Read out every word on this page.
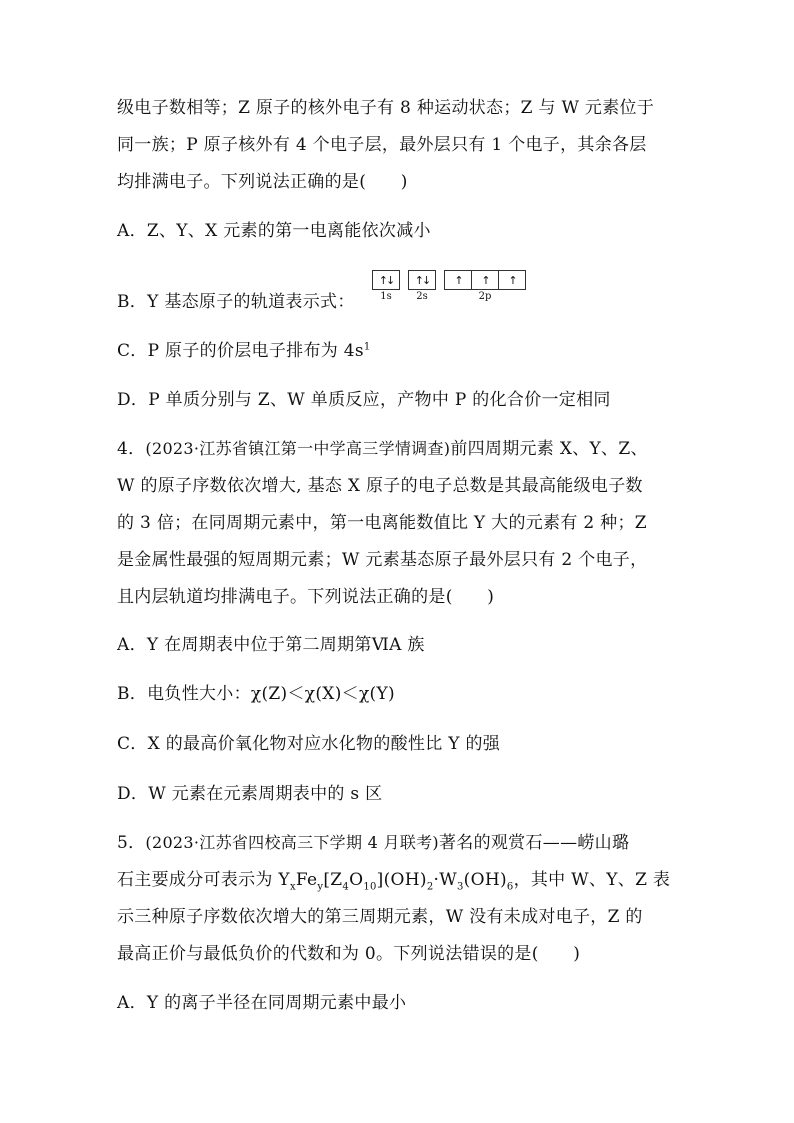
级电子数相等；Z 原子的核外电子有 8 种运动状态；Z 与 W 元素位于
同一族；P 原子核外有 4 个电子层，最外层只有 1 个电子，其余各层
均排满电子。下列说法正确的是(　　)
A．Z、Y、X 元素的第一电离能依次减小
B．Y 基态原子的轨道表示式：
↑↓
1s
↑↓
2s
↑	↑	↑
2p
C．P 原子的价层电子排布为 $4s^1$
D．P 单质分别与 Z、W 单质反应，产物中 P 的化合价一定相同
4．(2023·江苏省镇江第一中学高三学情调查)前四周期元素 X、Y、Z、
W 的原子序数依次增大, 基态 X 原子的电子总数是其最高能级电子数
的 3 倍；在同周期元素中，第一电离能数值比 Y 大的元素有 2 种；Z
是金属性最强的短周期元素；W 元素基态原子最外层只有 2 个电子，
且内层轨道均排满电子。下列说法正确的是(　　)
A．Y 在周期表中位于第二周期第ⅥA 族
B．电负性大小：χ(Z)＜χ(X)＜χ(Y)
C．X 的最高价氧化物对应水化物的酸性比 Y 的强
D．W 元素在元素周期表中的 s 区
5．(2023·江苏省四校高三下学期 4 月联考)著名的观赏石——崂山璐
石主要成分可表示为 $Y_xFe_y[Z_4O_{10}](OH)_2\cdot W_3(OH)_6$，其中 W、Y、Z 表
示三种原子序数依次增大的第三周期元素，W 没有未成对电子，Z 的
最高正价与最低负价的代数和为 0。下列说法错误的是(　　)
A．Y 的离子半径在同周期元素中最小
